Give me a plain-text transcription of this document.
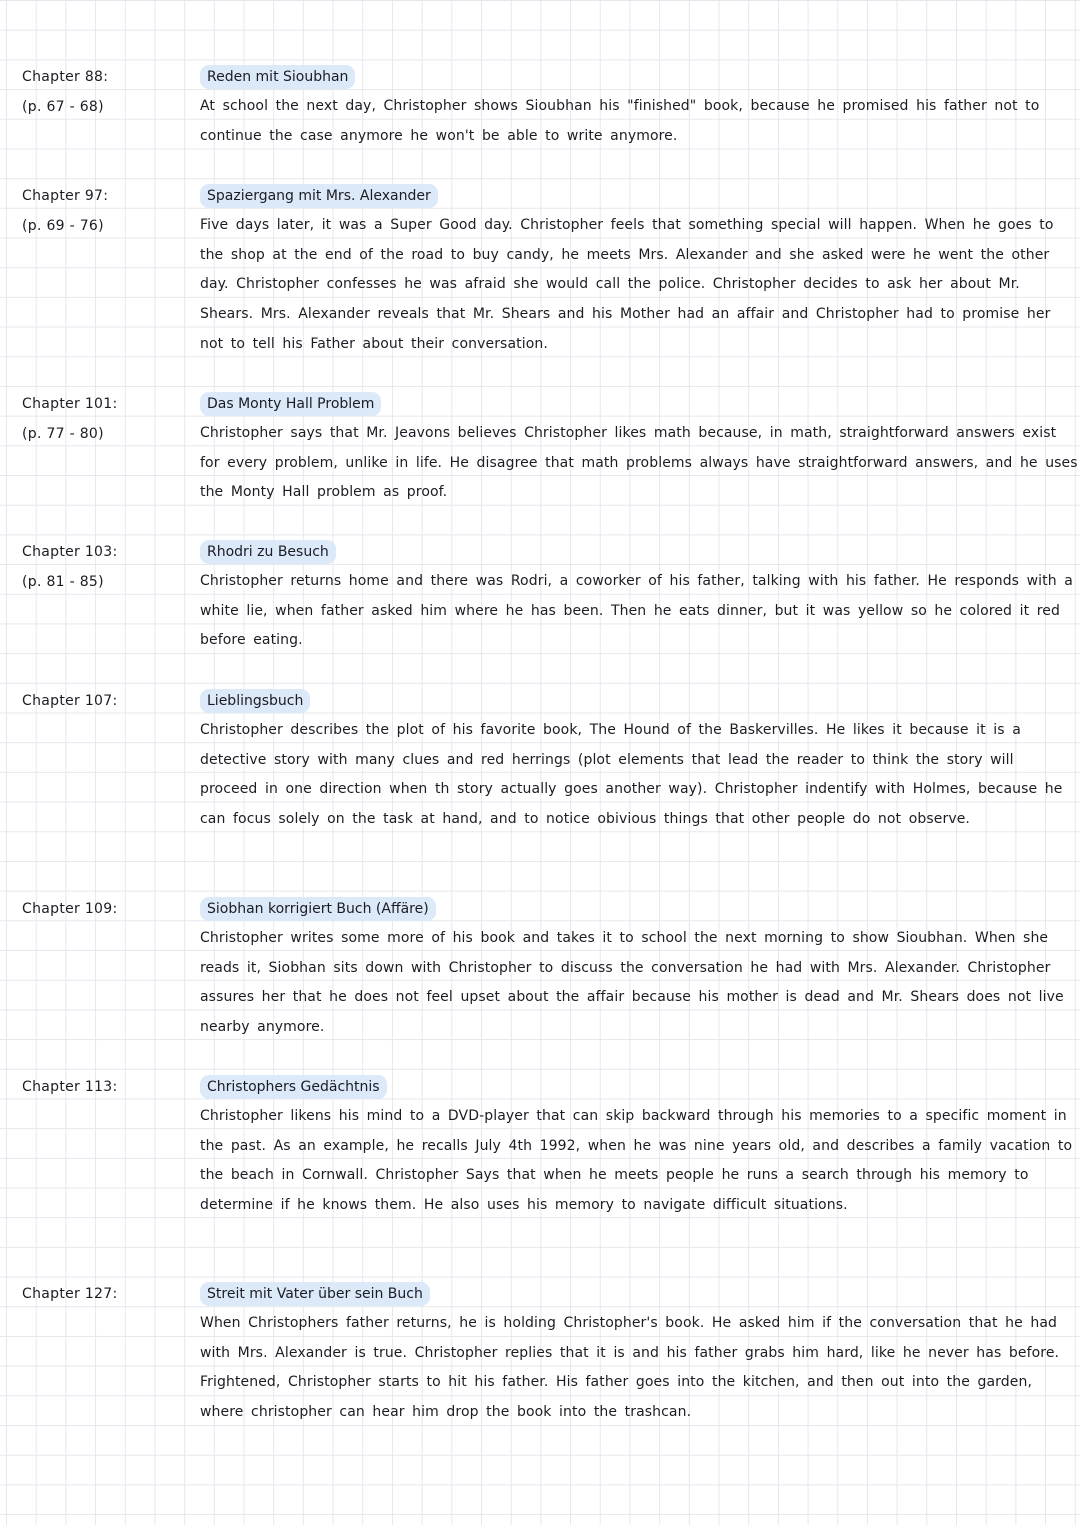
Chapter 88:
(p. 67 - 68)
Reden mit Sioubhan
At school the next day, Christopher shows Sioubhan his "finished" book, because he promised his father not to continue the case anymore he won't be able to write anymore.
Chapter 97:
(p. 69 - 76)
Spaziergang mit Mrs. Alexander
Five days later, it was a Super Good day. Christopher feels that something special will happen. When he goes to the shop at the end of the road to buy candy, he meets Mrs. Alexander and she asked were he went the other day. Christopher confesses he was afraid she would call the police. Christopher decides to ask her about Mr. Shears. Mrs. Alexander reveals that Mr. Shears and his Mother had an affair and Christopher had to promise her not to tell his Father about their conversation.
Chapter 101:
(p. 77 - 80)
Das Monty Hall Problem
Christopher says that Mr. Jeavons believes Christopher likes math because, in math, straightforward answers exist for every problem, unlike in life. He disagree that math problems always have straightforward answers, and he uses the Monty Hall problem as proof.
Chapter 103:
(p. 81 - 85)
Rhodri zu Besuch
Christopher returns home and there was Rodri, a coworker of his father, talking with his father. He responds with a white lie, when father asked him where he has been. Then he eats dinner, but it was yellow so he colored it red before eating.
Chapter 107:	Lieblingsbuch
Christopher describes the plot of his favorite book, The Hound of the Baskervilles. He likes it because it is a detective story with many clues and red herrings (plot elements that lead the reader to think the story will proceed in one direction when th story actually goes another way). Christopher indentify with Holmes, because he can focus solely on the task at hand, and to notice obivious things that other people do not observe.
Chapter 109:	Siobhan korrigiert Buch (Affäre)
Christopher writes some more of his book and takes it to school the next morning to show Sioubhan. When she reads it, Siobhan sits down with Christopher to discuss the conversation he had with Mrs. Alexander. Christopher assures her that he does not feel upset about the affair because his mother is dead and Mr. Shears does not live nearby anymore.
Chapter 113:	Christophers Gedächtnis
Christopher likens his mind to a DVD-player that can skip backward through his memories to a specific moment in the past. As an example, he recalls July 4th 1992, when he was nine years old, and describes a family vacation to the beach in Cornwall. Christopher Says that when he meets people he runs a search through his memory to determine if he knows them. He also uses his memory to navigate difficult situations.
Chapter 127:	Streit mit Vater über sein Buch
When Christophers father returns, he is holding Christopher's book. He asked him if the conversation that he had with Mrs. Alexander is true. Christopher replies that it is and his father grabs him hard, like he never has before. Frightened, Christopher starts to hit his father. His father goes into the kitchen, and then out into the garden, where christopher can hear him drop the book into the trashcan.
